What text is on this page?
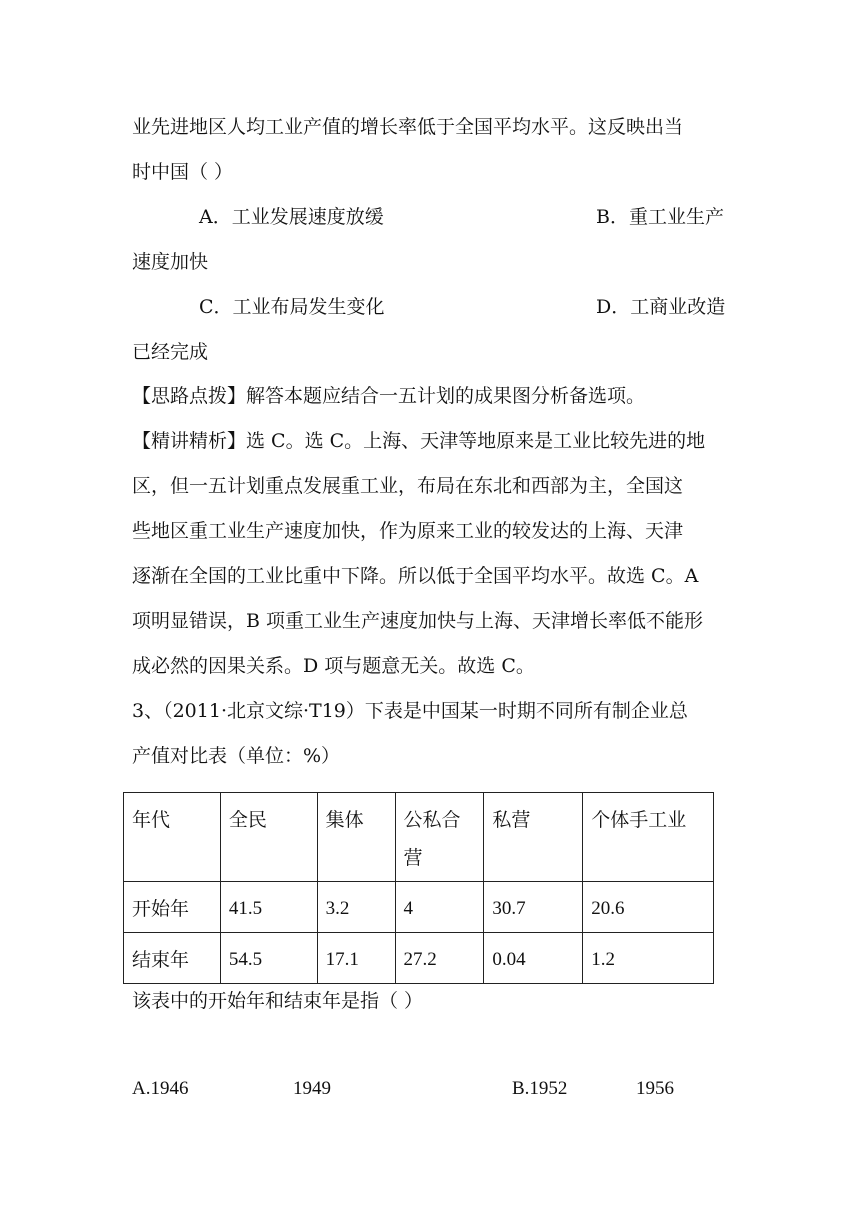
业先进地区人均工业产值的增长率低于全国平均水平。这反映出当
时中国（ ）
A．工业发展速度放缓	B．重工业生产
速度加快
C．工业布局发生变化	D．工商业改造
已经完成
【思路点拨】解答本题应结合一五计划的成果图分析备选项。
【精讲精析】选 C。选 C。上海、天津等地原来是工业比较先进的地
区，但一五计划重点发展重工业，布局在东北和西部为主，全国这
些地区重工业生产速度加快，作为原来工业的较发达的上海、天津
逐渐在全国的工业比重中下降。所以低于全国平均水平。故选 C。A
项明显错误，B 项重工业生产速度加快与上海、天津增长率低不能形
成必然的因果关系。D 项与题意无关。故选 C。
3、（2011·北京文综·T19）下表是中国某一时期不同所有制企业总
产值对比表（单位：%）
年代	全民	集体	公私合营	私营	个体手工业
开始年	41.5	3.2	4	30.7	20.6
结束年	54.5	17.1	27.2	0.04	1.2
该表中的开始年和结束年是指（ ）
A.1946	1949	B.1952	1956
